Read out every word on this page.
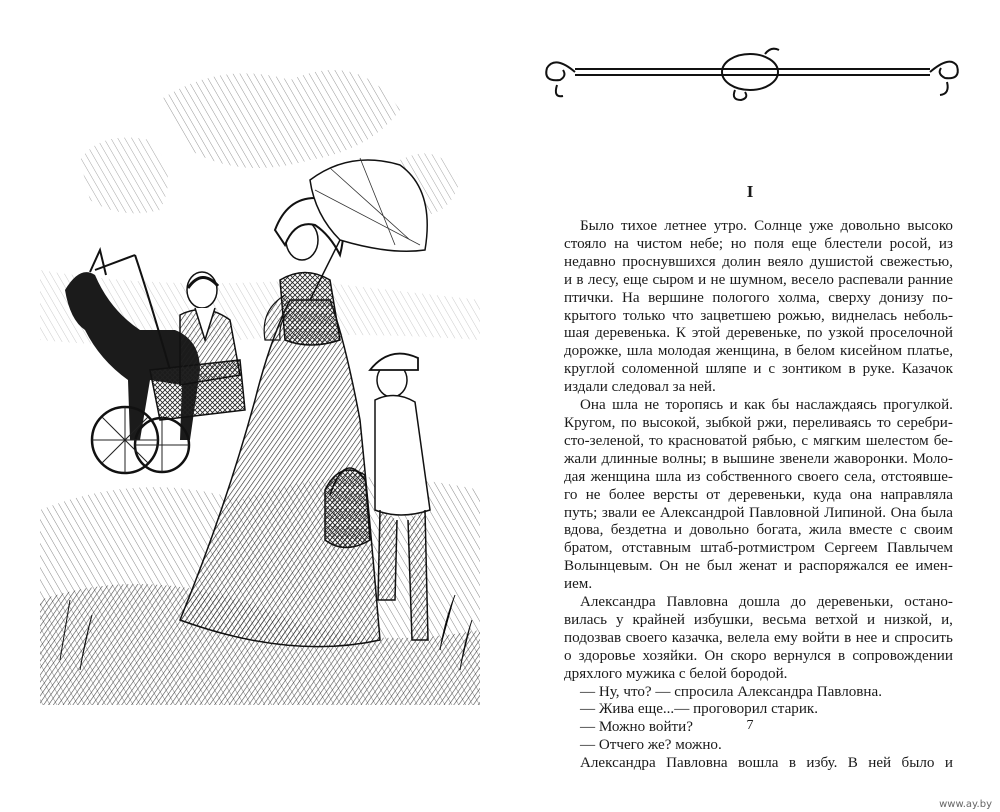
I
Было тихое летнее утро. Солнце уже довольно высоко
стояло на чистом небе; но поля еще блестели росой, из
недавно проснувшихся долин веяло душистой свежестью,
и в лесу, еще сыром и не шумном, весело распевали ранние
птички. На вершине пологого холма, сверху донизу по-
крытого только что зацветшею рожью, виднелась неболь-
шая деревенька. К этой деревеньке, по узкой проселочной
дорожке, шла молодая женщина, в белом кисейном платье,
круглой соломенной шляпе и с зонтиком в руке. Казачок
издали следовал за ней.
Она шла не торопясь и как бы наслаждаясь прогулкой.
Кругом, по высокой, зыбкой ржи, переливаясь то серебри-
сто-зеленой, то красноватой рябью, с мягким шелестом бе-
жали длинные волны; в вышине звенели жаворонки. Моло-
дая женщина шла из собственного своего села, отстоявше-
го не более версты от деревеньки, куда она направляла
путь; звали ее Александрой Павловной Липиной. Она была
вдова, бездетна и довольно богата, жила вместе с своим
братом, отставным штаб-ротмистром Сергеем Павлычем
Волынцевым. Он не был женат и распоряжался ее имен-
ием.
Александра Павловна дошла до деревеньки, остано-
вилась у крайней избушки, весьма ветхой и низкой, и,
подозвав своего казачка, велела ему войти в нее и спросить
о здоровье хозяйки. Он скоро вернулся в сопровождении
дряхлого мужика с белой бородой.
— Ну, что? — спросила Александра Павловна.
— Жива еще...— проговорил старик.
— Можно войти?
— Отчего же? можно.
Александра Павловна вошла в избу. В ней было и
7
www.ay.by
